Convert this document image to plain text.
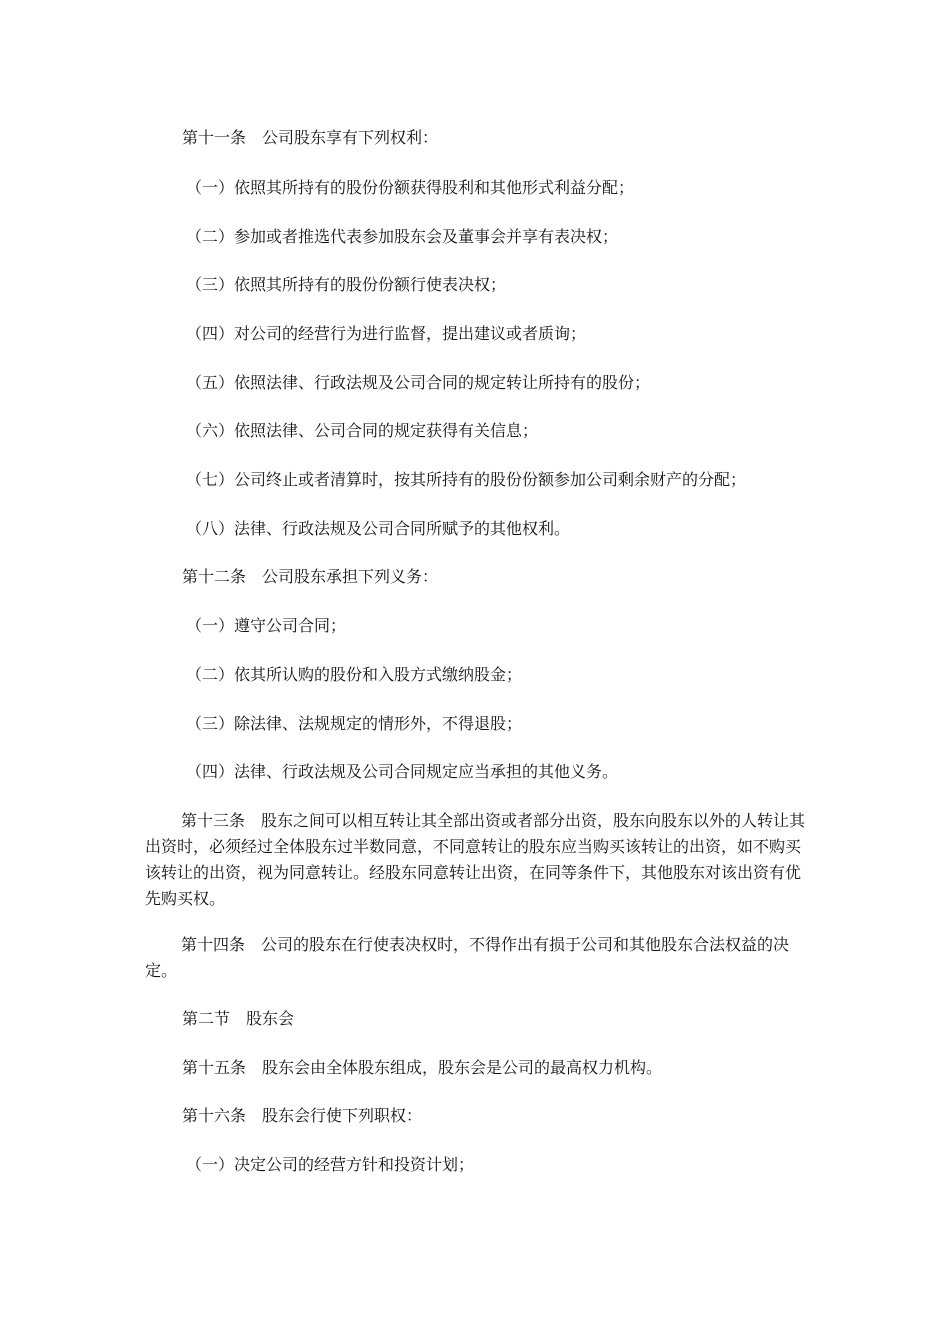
第十一条　公司股东享有下列权利：

（一）依照其所持有的股份份额获得股利和其他形式利益分配；

（二）参加或者推选代表参加股东会及董事会并享有表决权；

（三）依照其所持有的股份份额行使表决权；

（四）对公司的经营行为进行监督，提出建议或者质询；

（五）依照法律、行政法规及公司合同的规定转让所持有的股份；

（六）依照法律、公司合同的规定获得有关信息；

（七）公司终止或者清算时，按其所持有的股份份额参加公司剩余财产的分配；

（八）法律、行政法规及公司合同所赋予的其他权利。

第十二条　公司股东承担下列义务：

（一）遵守公司合同；

（二）依其所认购的股份和入股方式缴纳股金；

（三）除法律、法规规定的情形外，不得退股；

（四）法律、行政法规及公司合同规定应当承担的其他义务。

第十三条　股东之间可以相互转让其全部出资或者部分出资，股东向股东以外的人转让其出资时，必须经过全体股东过半数同意，不同意转让的股东应当购买该转让的出资，如不购买该转让的出资，视为同意转让。经股东同意转让出资，在同等条件下，其他股东对该出资有优先购买权。

第十四条　公司的股东在行使表决权时，不得作出有损于公司和其他股东合法权益的决定。

第二节　股东会

第十五条　股东会由全体股东组成，股东会是公司的最高权力机构。

第十六条　股东会行使下列职权：

（一）决定公司的经营方针和投资计划；
